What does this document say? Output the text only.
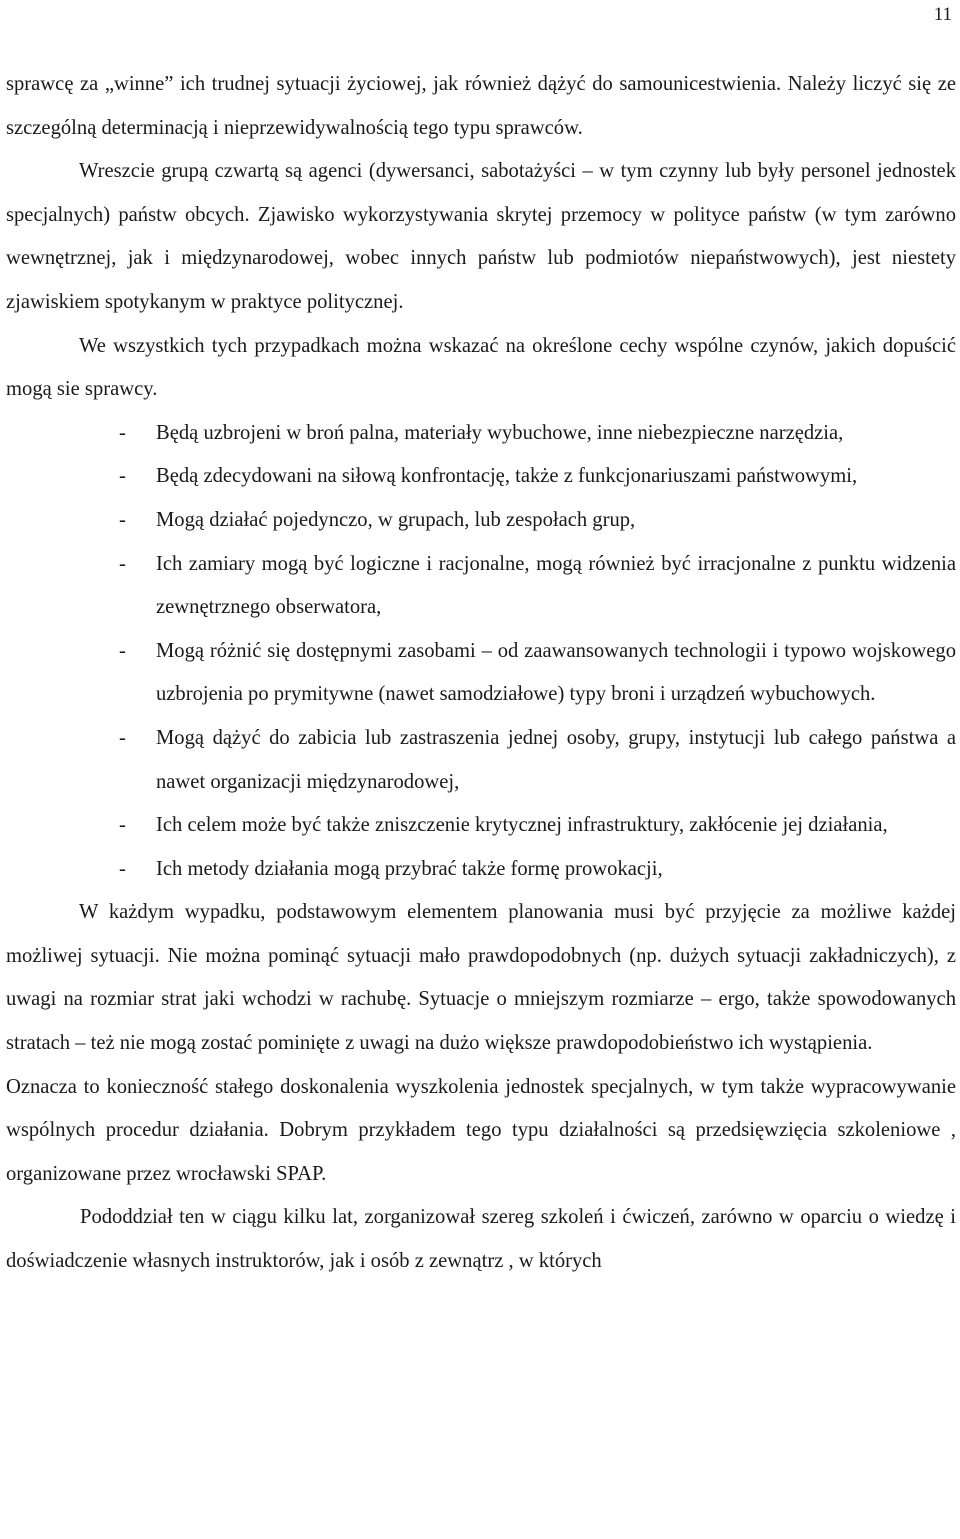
11

sprawcę za „winne” ich trudnej sytuacji życiowej, jak również dążyć do samounicestwienia. Należy liczyć się ze szczególną determinacją i nieprzewidywalnością tego typu sprawców.

Wreszcie grupą czwartą są agenci (dywersanci, sabotażyści – w tym czynny lub były personel jednostek specjalnych) państw obcych. Zjawisko wykorzystywania skrytej przemocy w polityce państw (w tym zarówno wewnętrznej, jak i międzynarodowej, wobec innych państw lub podmiotów niepaństwowych), jest niestety zjawiskiem spotykanym w praktyce politycznej.

We wszystkich tych przypadkach można wskazać na określone cechy wspólne czynów, jakich dopuścić mogą sie sprawcy.

- Będą uzbrojeni w broń palna, materiały wybuchowe, inne niebezpieczne narzędzia,
- Będą zdecydowani na siłową konfrontację, także z funkcjonariuszami państwowymi,
- Mogą działać pojedynczo, w grupach, lub zespołach grup,
- Ich zamiary mogą być logiczne i racjonalne, mogą również być irracjonalne z punktu widzenia zewnętrznego obserwatora,
- Mogą różnić się dostępnymi zasobami – od zaawansowanych technologii i typowo wojskowego uzbrojenia po prymitywne (nawet samodziałowe) typy broni i urządzeń wybuchowych.
- Mogą dążyć do zabicia lub zastraszenia jednej osoby, grupy, instytucji lub całego państwa a nawet organizacji międzynarodowej,
- Ich celem może być także zniszczenie krytycznej infrastruktury, zakłócenie jej działania,
- Ich metody działania mogą przybrać także formę prowokacji,

W każdym wypadku, podstawowym elementem planowania musi być przyjęcie za możliwe każdej możliwej sytuacji. Nie można pominąć sytuacji mało prawdopodobnych (np. dużych sytuacji zakładniczych), z uwagi na rozmiar strat jaki wchodzi w rachubę. Sytuacje o mniejszym rozmiarze – ergo, także spowodowanych stratach – też nie mogą zostać pominięte z uwagi na dużo większe prawdopodobieństwo ich wystąpienia.

Oznacza to konieczność stałego doskonalenia wyszkolenia jednostek specjalnych, w tym także wypracowywanie wspólnych procedur działania. Dobrym przykładem tego typu działalności są przedsięwzięcia szkoleniowe , organizowane przez wrocławski SPAP.

Pododdział ten w ciągu kilku lat, zorganizował szereg szkoleń i ćwiczeń, zarówno w oparciu o wiedzę i doświadczenie własnych instruktorów, jak i osób z zewnątrz , w których
